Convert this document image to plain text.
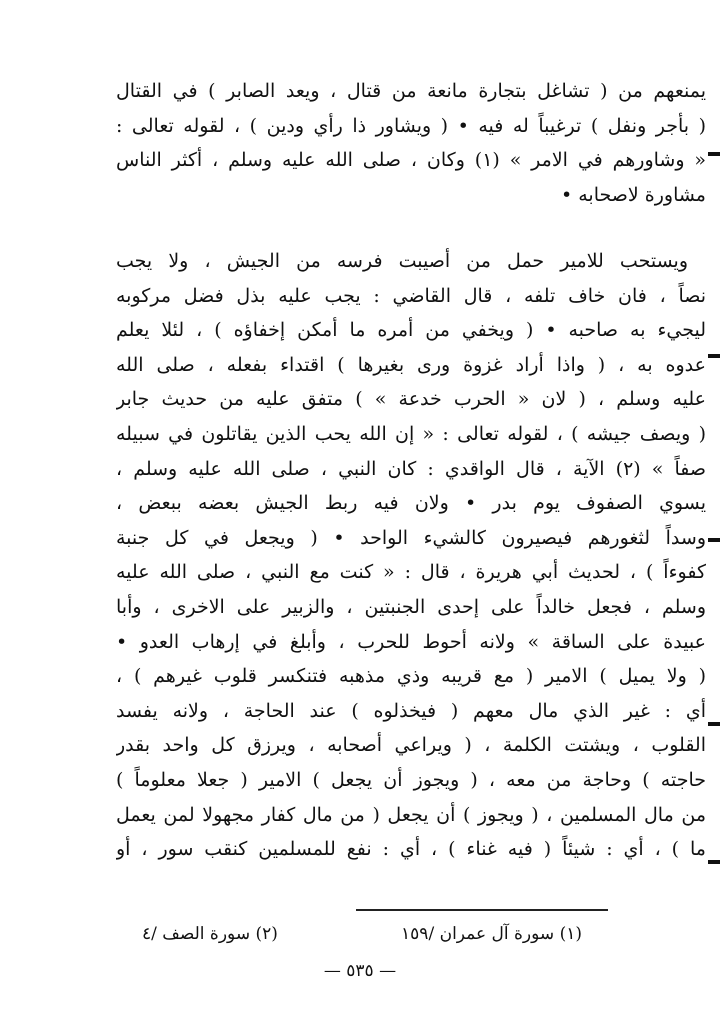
يمنعهم من ( تشاغل بتجارة مانعة من قتال ، ويعد الصابر ) في القتال
( بأجر ونفل ) ترغيباً له فيه • ( ويشاور ذا رأي ودين ) ، لقوله تعالى :
« وشاورهم في الامر » (١) وكان ، صلى الله عليه وسلم ، أكثر الناس
مشاورة لاصحابه •
ويستحب للامير حمل من أصيبت فرسه من الجيش ، ولا يجب
نصاً ، فان خاف تلفه ، قال القاضي : يجب عليه بذل فضل مركوبه
ليجيء به صاحبه • ( ويخفي من أمره ما أمكن إخفاؤه ) ، لئلا يعلم
عدوه به ، ( واذا أراد غزوة ورى بغيرها ) اقتداء بفعله ، صلى الله
عليه وسلم ، ( لان « الحرب خدعة » ) متفق عليه من حديث جابر
( ويصف جيشه ) ، لقوله تعالى : « إن الله يحب الذين يقاتلون في سبيله
صفاً » (٢) الآية ، قال الواقدي : كان النبي ، صلى الله عليه وسلم ،
يسوي الصفوف يوم بدر • ولان فيه ربط الجيش بعضه ببعض ،
وسداً لثغورهم فيصيرون كالشيء الواحد • ( ويجعل في كل جنبة
كفوءاً ) ، لحديث أبي هريرة ، قال : « كنت مع النبي ، صلى الله عليه
وسلم ، فجعل خالداً على إحدى الجنبتين ، والزبير على الاخرى ، وأبا
عبيدة على الساقة » ولانه أحوط للحرب ، وأبلغ في إرهاب العدو •
( ولا يميل ) الامير ( مع قريبه وذي مذهبه فتنكسر قلوب غيرهم ) ،
أي : غير الذي مال معهم ( فيخذلوه ) عند الحاجة ، ولانه يفسد
القلوب ، ويشتت الكلمة ، ( ويراعي أصحابه ، ويرزق كل واحد بقدر
حاجته ) وحاجة من معه ، ( ويجوز أن يجعل ) الامير ( جعلا معلوماً )
من مال المسلمين ، ( ويجوز ) أن يجعل ( من مال كفار مجهولا لمن يعمل
ما ) ، أي : شيئاً ( فيه غناء ) ، أي : نفع للمسلمين كنقب سور ، أو
(١) سورة آل عمران /١٥٩
(٢) سورة الصف /٤
— ٥٣٥ —
